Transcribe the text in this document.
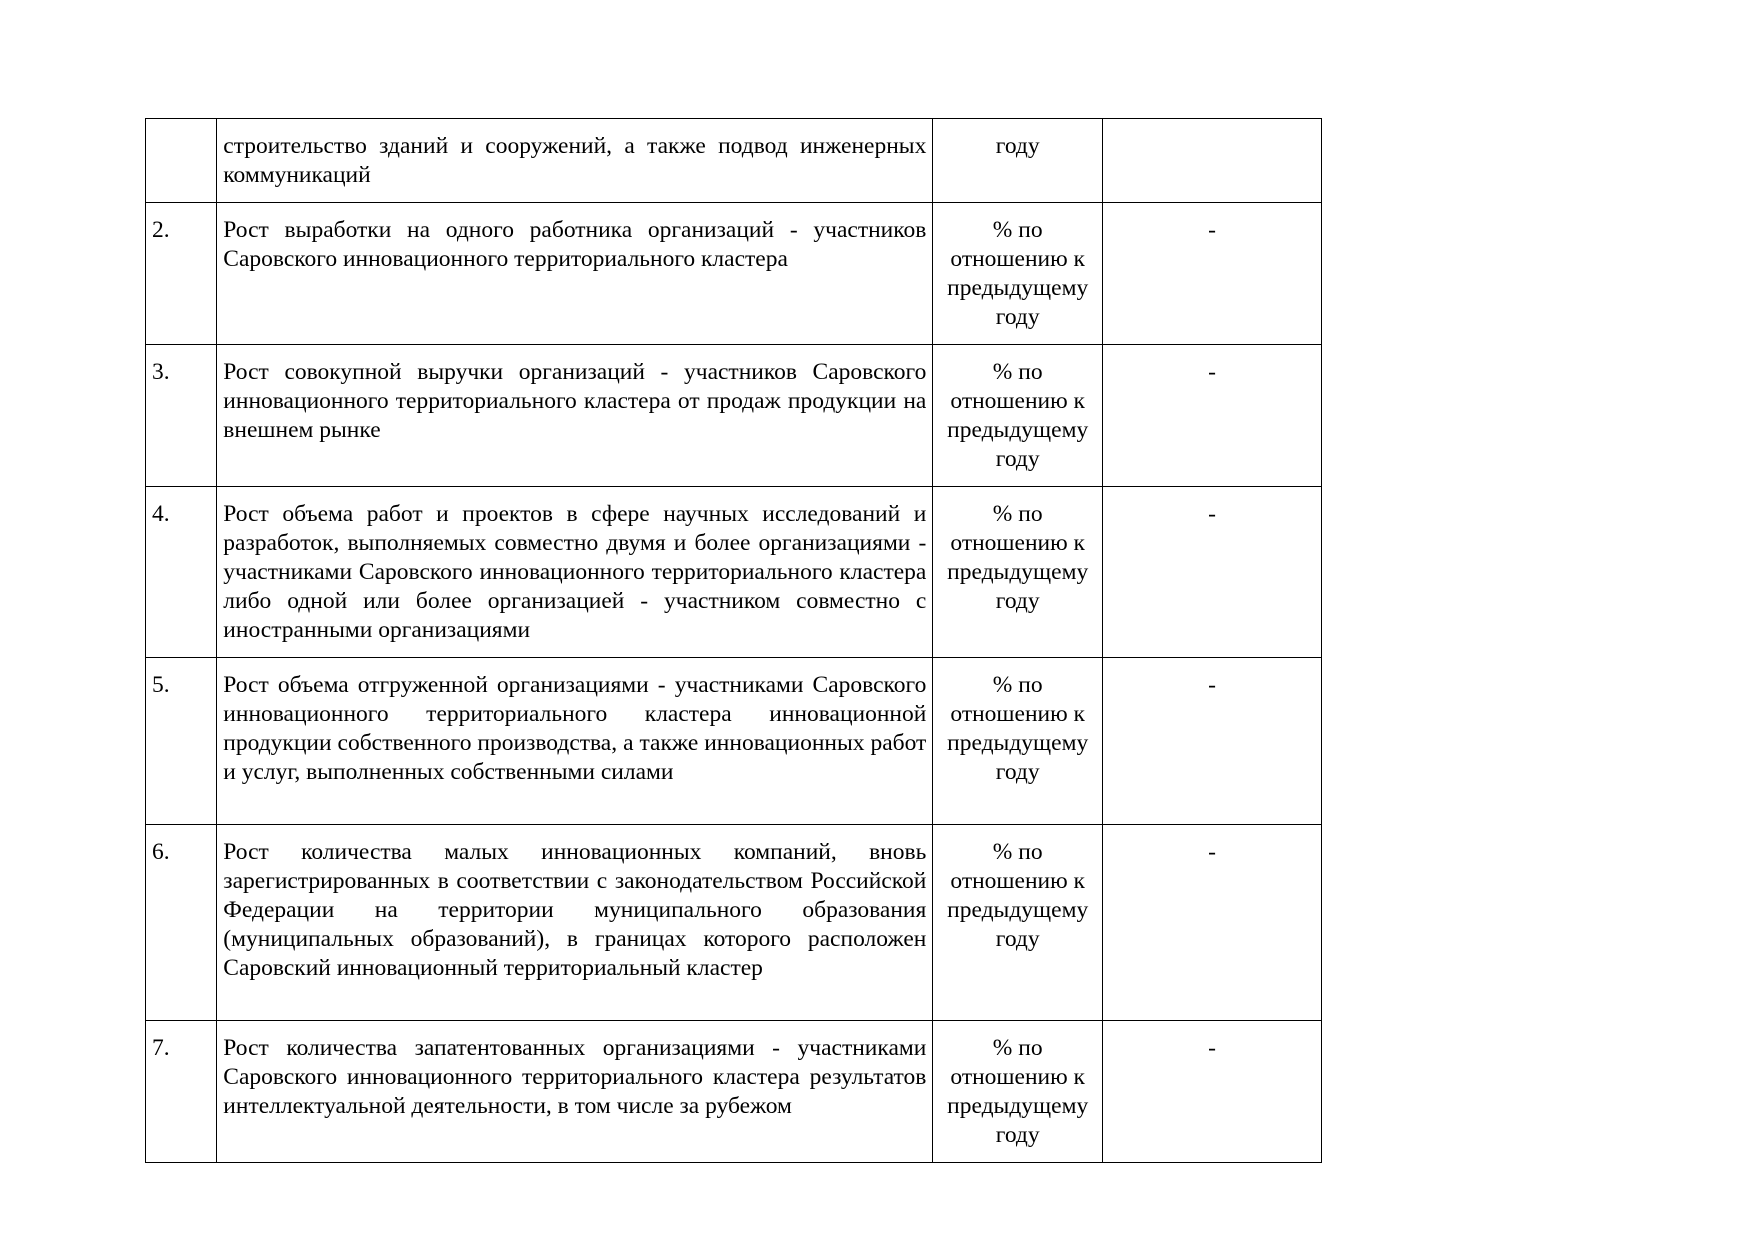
	строительство зданий и сооружений, а также подвод инженерных коммуникаций	году	
2.	Рост выработки на одного работника организаций - участников Саровского инновационного территориального кластера	% по отношению к предыдущему году	-
3.	Рост совокупной выручки организаций - участников Саровского инновационного территориального кластера от продаж продукции на внешнем рынке	% по отношению к предыдущему году	-
4.	Рост объема работ и проектов в сфере научных исследований и разработок, выполняемых совместно двумя и более организациями - участниками Саровского инновационного территориального кластера либо одной или более организацией - участником совместно с иностранными организациями	% по отношению к предыдущему году	-
5.	Рост объема отгруженной организациями - участниками Саровского инновационного территориального кластера инновационной продукции собственного производства, а также инновационных работ и услуг, выполненных собственными силами	% по отношению к предыдущему году	-
6.	Рост количества малых инновационных компаний, вновь зарегистрированных в соответствии с законодательством Российской Федерации на территории муниципального образования (муниципальных образований), в границах которого расположен Саровский инновационный территориальный кластер	% по отношению к предыдущему году	-
7.	Рост количества запатентованных организациями - участниками Саровского инновационного территориального кластера результатов интеллектуальной деятельности, в том числе за рубежом	% по отношению к предыдущему году	-
